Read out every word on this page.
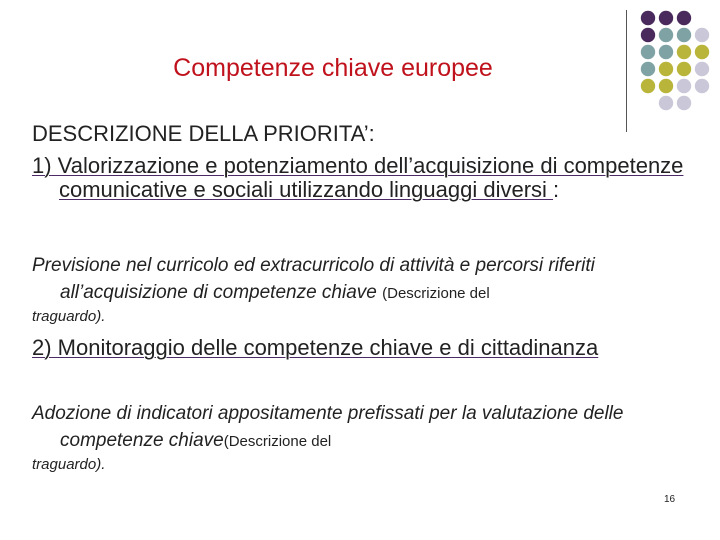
Competenze chiave europee
DESCRIZIONE DELLA PRIORITA’:
1) Valorizzazione e potenziamento dell’acquisizione di competenze comunicative e sociali utilizzando linguaggi diversi :
Previsione nel curricolo ed extracurricolo di attività e percorsi riferiti all’acquisizione di competenze chiave (Descrizione del
traguardo).
2) Monitoraggio delle competenze chiave e di cittadinanza
Adozione di indicatori appositamente prefissati per la valutazione delle competenze chiave(Descrizione del
traguardo).
16
